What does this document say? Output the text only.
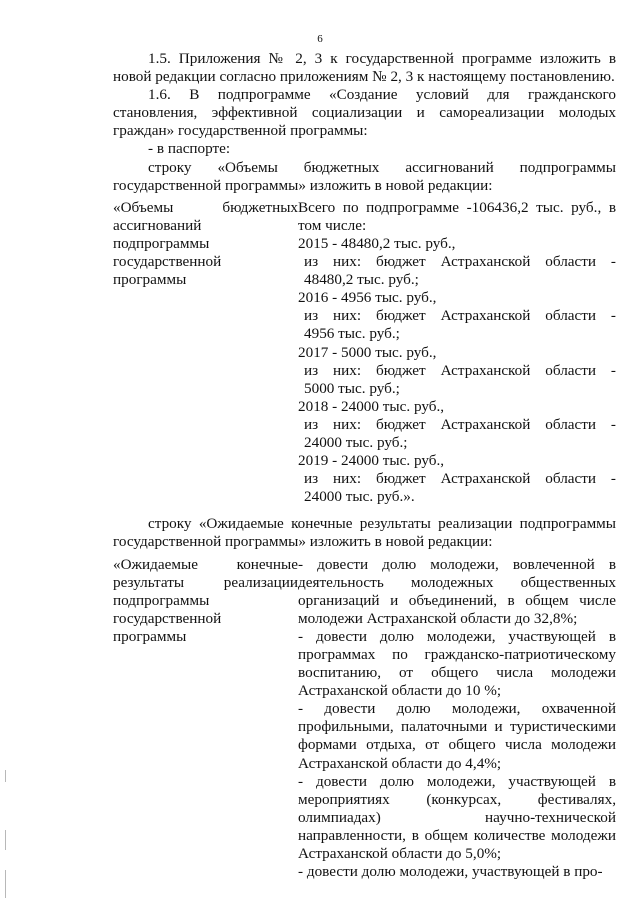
6

1.5. Приложения № 2, 3 к государственной программе изложить в новой редакции согласно приложениям № 2, 3 к настоящему постановлению.

1.6. В подпрограмме «Создание условий для гражданского становления, эффективной социализации и самореализации молодых граждан» государственной программы:

- в паспорте:

строку «Объемы бюджетных ассигнований подпрограммы государственной программы» изложить в новой редакции:

«Объемы бюджетных ассигнований подпрограммы государственной программы
Всего по подпрограмме -106436,2 тыс. руб., в том числе:
2015 - 48480,2 тыс. руб.,
из них: бюджет Астраханской области -
48480,2 тыс. руб.;
2016 - 4956 тыс. руб.,
из них: бюджет Астраханской области -
4956 тыс. руб.;
2017 - 5000 тыс. руб.,
из них: бюджет Астраханской области -
5000 тыс. руб.;
2018 - 24000 тыс. руб.,
из них: бюджет Астраханской области -
24000 тыс. руб.;
2019 - 24000 тыс. руб.,
из них: бюджет Астраханской области -
24000 тыс. руб.».

строку «Ожидаемые конечные результаты реализации подпрограммы государственной программы» изложить в новой редакции:

«Ожидаемые конечные результаты реализации подпрограммы государственной программы
- довести долю молодежи, вовлеченной в деятельность молодежных общественных организаций и объединений, в общем числе молодежи Астраханской области до 32,8%;
- довести долю молодежи, участвующей в программах по гражданско-патриотическому воспитанию, от общего числа молодежи Астраханской области до 10 %;
- довести долю молодежи, охваченной профильными, палаточными и туристическими формами отдыха, от общего числа молодежи Астраханской области до 4,4%;
- довести долю молодежи, участвующей в мероприятиях (конкурсах, фестивалях, олимпиадах) научно-технической направленности, в общем количестве молодежи Астраханской области до 5,0%;
- довести долю молодежи, участвующей в про-
